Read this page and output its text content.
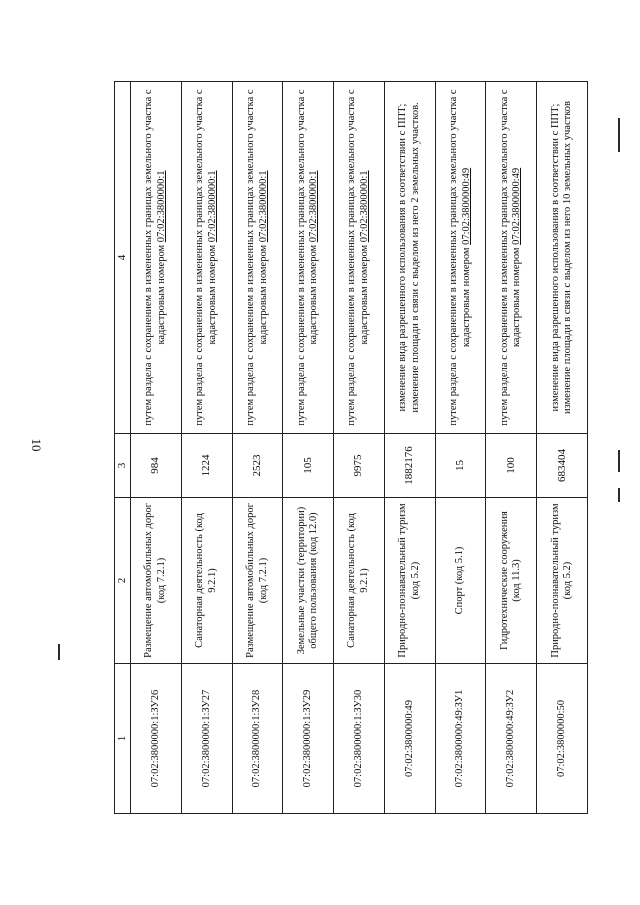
10
1	2	3	4
07:02:3800000:1:ЗУ26	Размещение автомобильных дорог (код 7.2.1)	984	путем раздела с сохранением в измененных границах земельного участка с кадастровым номером 07:02:3800000:1
07:02:3800000:1:ЗУ27	Санаторная деятельность (код 9.2.1)	1224	путем раздела с сохранением в измененных границах земельного участка с кадастровым номером 07:02:3800000:1
07:02:3800000:1:ЗУ28	Размещение автомобильных дорог (код 7.2.1)	2523	путем раздела с сохранением в измененных границах земельного участка с кадастровым номером 07:02:3800000:1
07:02:3800000:1:ЗУ29	Земельные участки (территории) общего пользования (код 12.0)	105	путем раздела с сохранением в измененных границах земельного участка с кадастровым номером 07:02:3800000:1
07:02:3800000:1:ЗУ30	Санаторная деятельность (код 9.2.1)	9975	путем раздела с сохранением в измененных границах земельного участка с кадастровым номером 07:02:3800000:1
07:02:3800000:49	Природно-познавательный туризм (код 5.2)	1882176	изменение вида разрешенного использования в соответствии с ППТ; изменение площади в связи с выделом из него 2 земельных участков.
07:02:3800000:49:ЗУ1	Спорт (код 5.1)	15	путем раздела с сохранением в измененных границах земельного участка с кадастровым номером 07:02:3800000:49
07:02:3800000:49:ЗУ2	Гидротехнические сооружения (код 11.3)	100	путем раздела с сохранением в измененных границах земельного участка с кадастровым номером 07:02:3800000:49
07:02:3800000:50	Природно-познавательный туризм (код 5.2)	683404	изменение вида разрешенного использования в соответствии с ППТ; изменение площади в связи с выделом из него 10 земельных участков
